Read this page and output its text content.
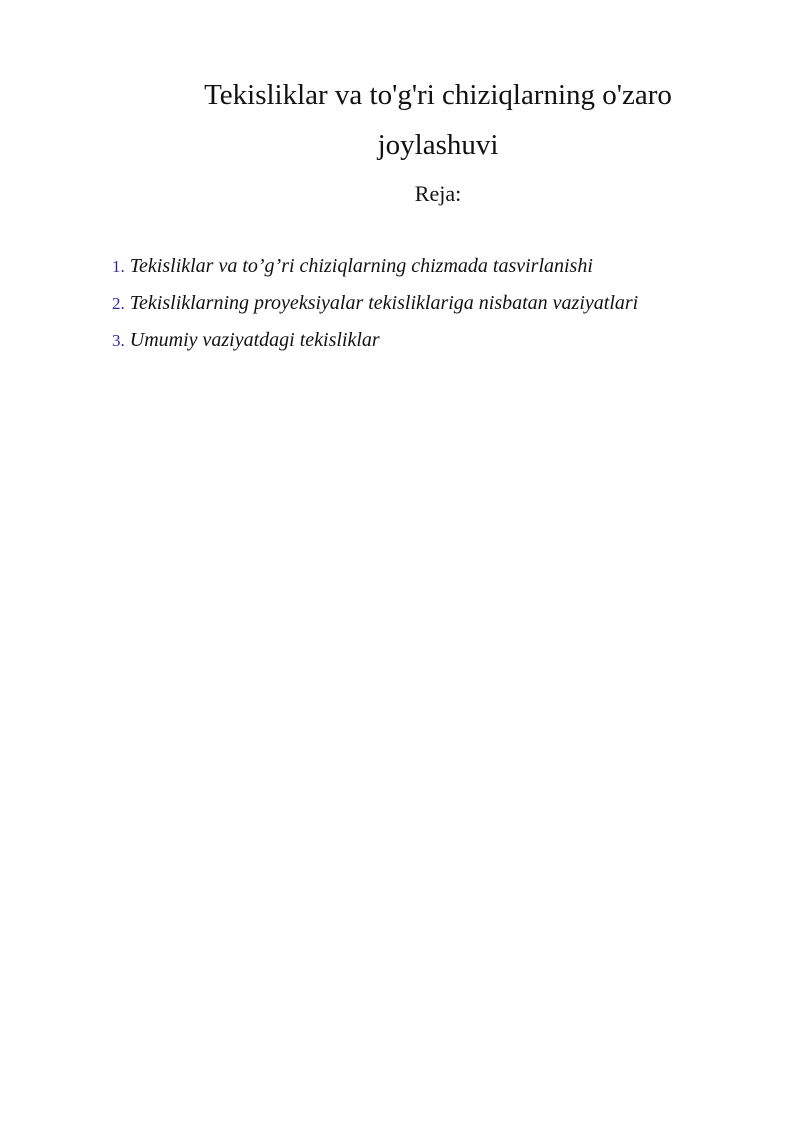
Tekisliklar va to'g'ri chiziqlarning o'zaro
joylashuvi
Reja:
1. Tekisliklar va to’g’ri chiziqlarning chizmada tasvirlanishi
2. Tekisliklarning proyeksiyalar tekisliklariga nisbatan vaziyatlari
3. Umumiy vaziyatdagi tekisliklar
